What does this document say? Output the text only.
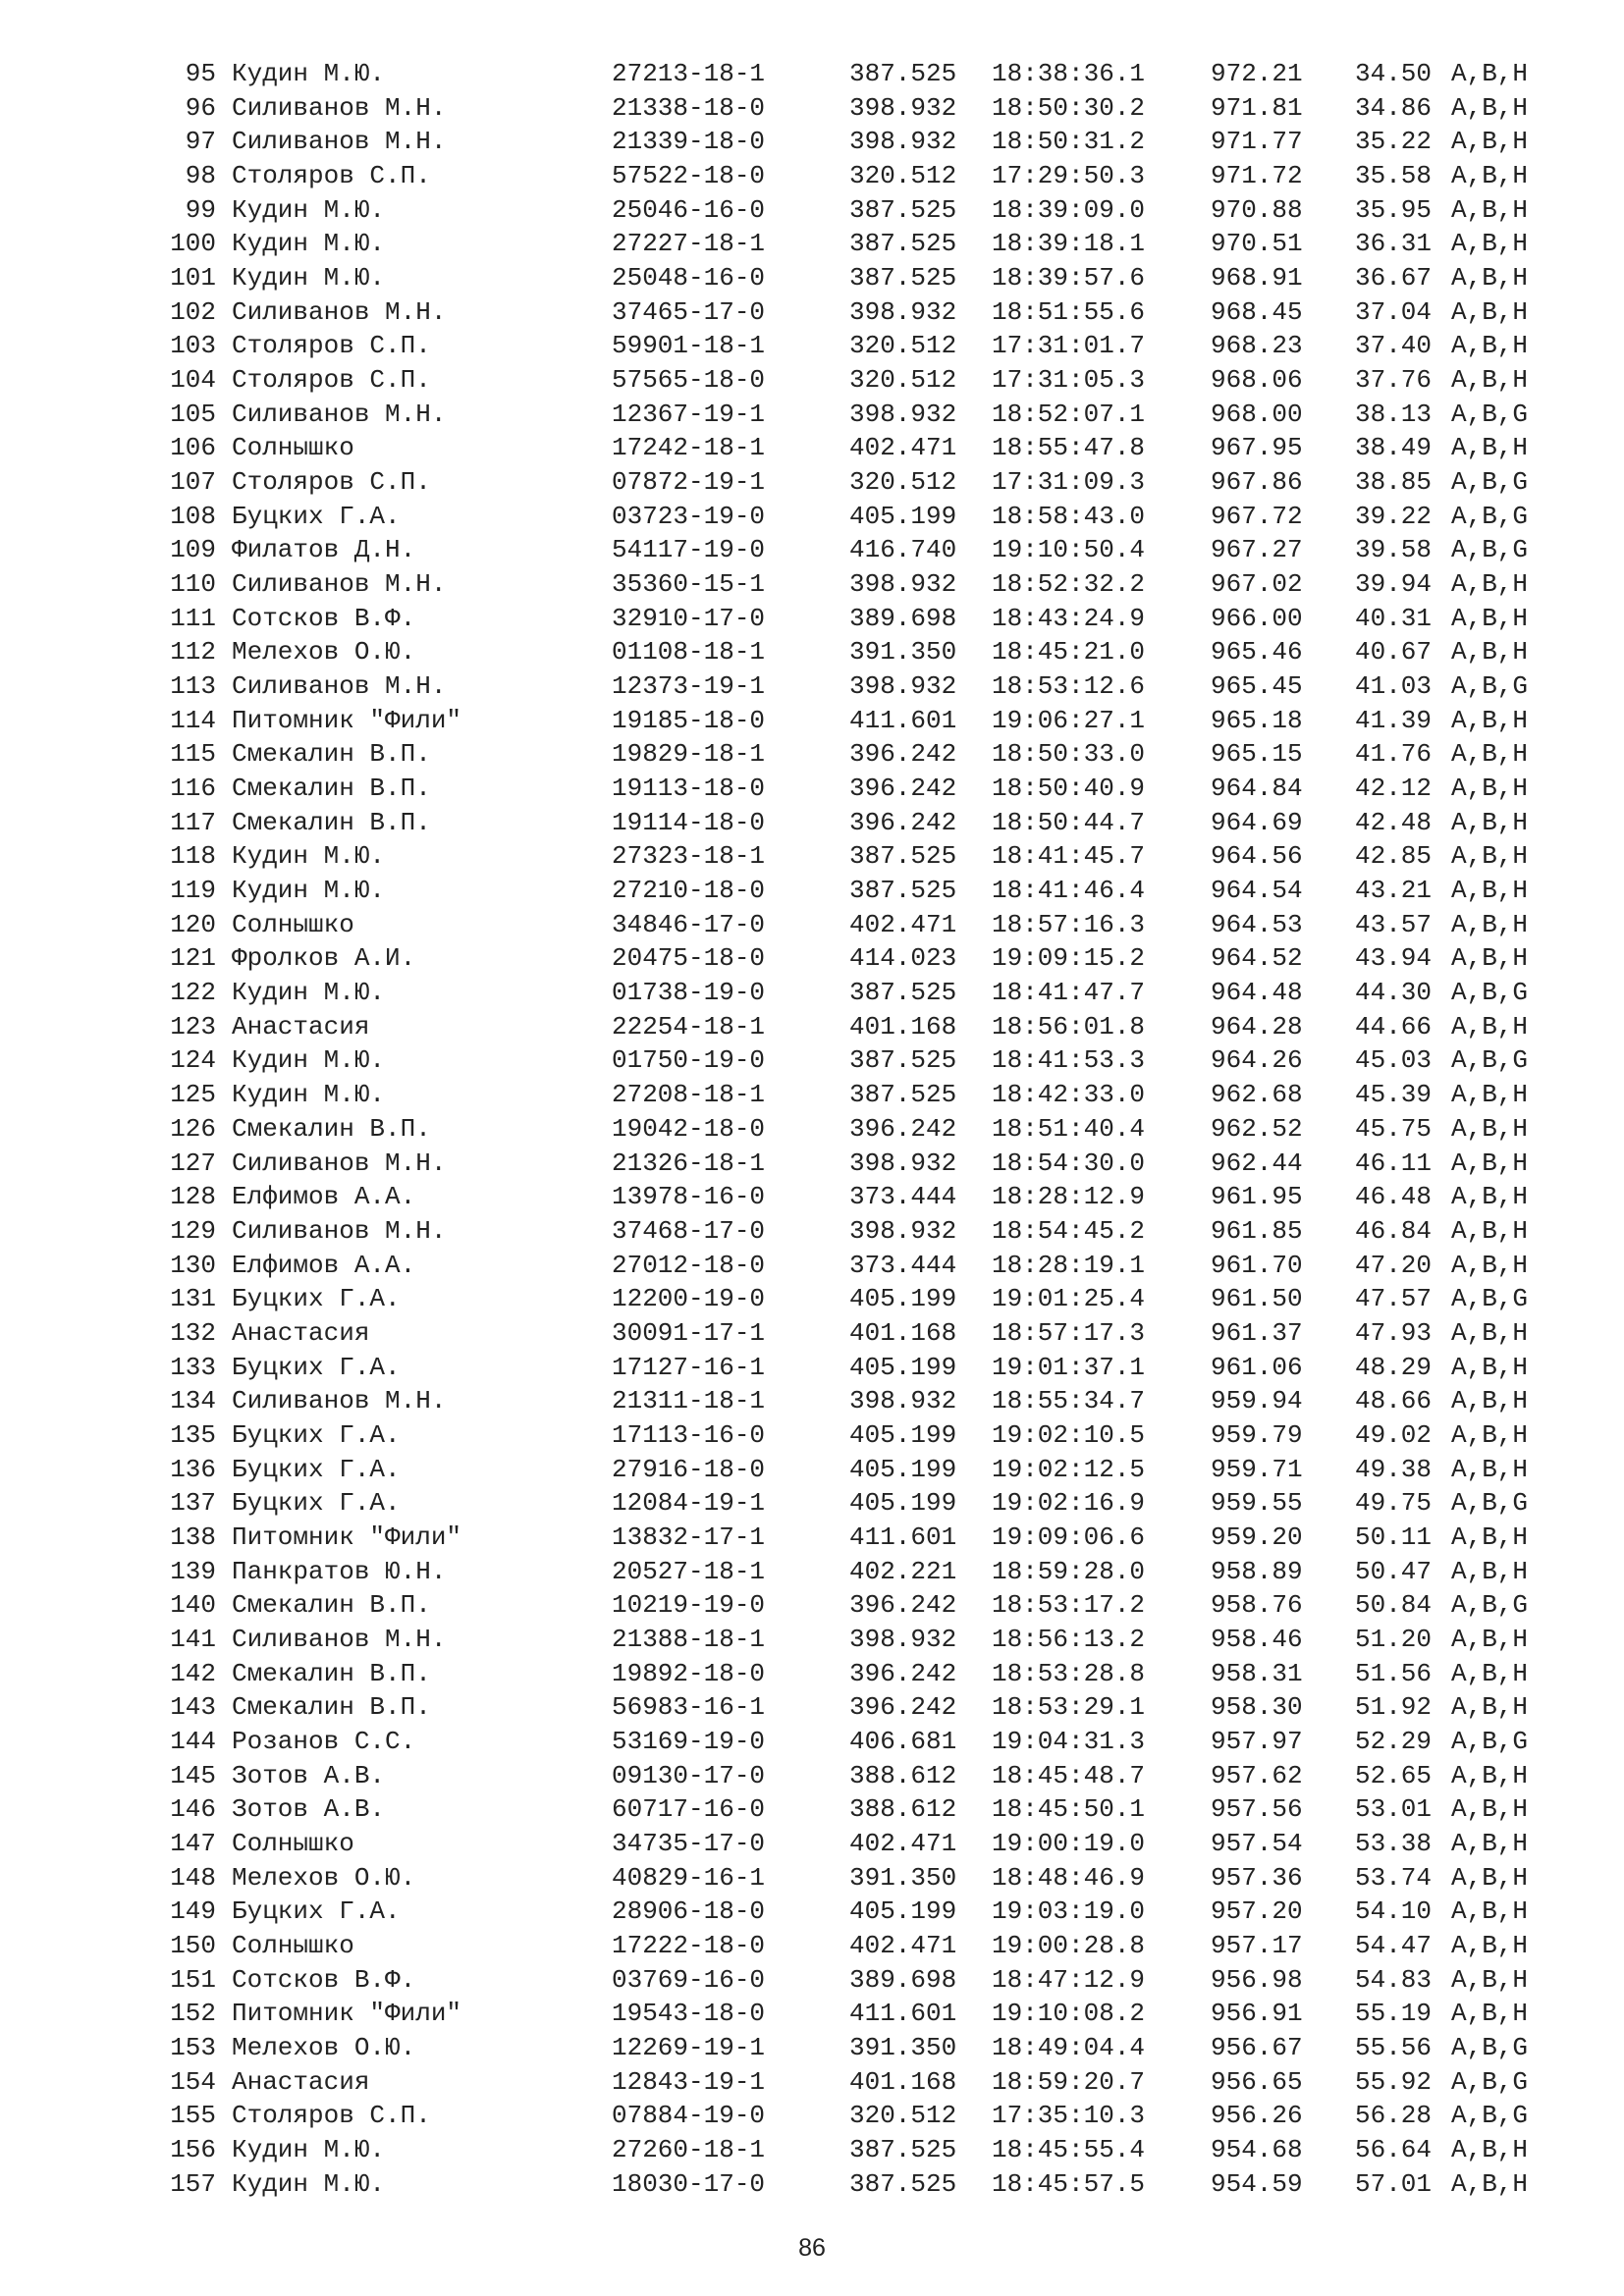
95 Кудин М.Ю.	27213-18-1	387.525 18:38:36.1	972.21 34.50 A,B,H
96 Силиванов М.Н.	21338-18-0	398.932 18:50:30.2	971.81 34.86 A,B,H
97 Силиванов М.Н.	21339-18-0	398.932 18:50:31.2	971.77 35.22 A,B,H
98 Столяров С.П.	57522-18-0	320.512 17:29:50.3	971.72 35.58 A,B,H
99 Кудин М.Ю.	25046-16-0	387.525 18:39:09.0	970.88 35.95 A,B,H
100 Кудин М.Ю.	27227-18-1	387.525 18:39:18.1	970.51 36.31 A,B,H
101 Кудин М.Ю.	25048-16-0	387.525 18:39:57.6	968.91 36.67 A,B,H
102 Силиванов М.Н.	37465-17-0	398.932 18:51:55.6	968.45 37.04 A,B,H
103 Столяров С.П.	59901-18-1	320.512 17:31:01.7	968.23 37.40 A,B,H
104 Столяров С.П.	57565-18-0	320.512 17:31:05.3	968.06 37.76 A,B,H
105 Силиванов М.Н.	12367-19-1	398.932 18:52:07.1	968.00 38.13 A,B,G
106 Солнышко	17242-18-1	402.471 18:55:47.8	967.95 38.49 A,B,H
107 Столяров С.П.	07872-19-1	320.512 17:31:09.3	967.86 38.85 A,B,G
108 Буцких Г.А.	03723-19-0	405.199 18:58:43.0	967.72 39.22 A,B,G
109 Филатов Д.Н.	54117-19-0	416.740 19:10:50.4	967.27 39.58 A,B,G
110 Силиванов М.Н.	35360-15-1	398.932 18:52:32.2	967.02 39.94 A,B,H
111 Сотсков В.Ф.	32910-17-0	389.698 18:43:24.9	966.00 40.31 A,B,H
112 Мелехов О.Ю.	01108-18-1	391.350 18:45:21.0	965.46 40.67 A,B,H
113 Силиванов М.Н.	12373-19-1	398.932 18:53:12.6	965.45 41.03 A,B,G
114 Питомник "Фили"	19185-18-0	411.601 19:06:27.1	965.18 41.39 A,B,H
115 Смекалин В.П.	19829-18-1	396.242 18:50:33.0	965.15 41.76 A,B,H
116 Смекалин В.П.	19113-18-0	396.242 18:50:40.9	964.84 42.12 A,B,H
117 Смекалин В.П.	19114-18-0	396.242 18:50:44.7	964.69 42.48 A,B,H
118 Кудин М.Ю.	27323-18-1	387.525 18:41:45.7	964.56 42.85 A,B,H
119 Кудин М.Ю.	27210-18-0	387.525 18:41:46.4	964.54 43.21 A,B,H
120 Солнышко	34846-17-0	402.471 18:57:16.3	964.53 43.57 A,B,H
121 Фролков А.И.	20475-18-0	414.023 19:09:15.2	964.52 43.94 A,B,H
122 Кудин М.Ю.	01738-19-0	387.525 18:41:47.7	964.48 44.30 A,B,G
123 Анастасия	22254-18-1	401.168 18:56:01.8	964.28 44.66 A,B,H
124 Кудин М.Ю.	01750-19-0	387.525 18:41:53.3	964.26 45.03 A,B,G
125 Кудин М.Ю.	27208-18-1	387.525 18:42:33.0	962.68 45.39 A,B,H
126 Смекалин В.П.	19042-18-0	396.242 18:51:40.4	962.52 45.75 A,B,H
127 Силиванов М.Н.	21326-18-1	398.932 18:54:30.0	962.44 46.11 A,B,H
128 Елфимов А.А.	13978-16-0	373.444 18:28:12.9	961.95 46.48 A,B,H
129 Силиванов М.Н.	37468-17-0	398.932 18:54:45.2	961.85 46.84 A,B,H
130 Елфимов А.А.	27012-18-0	373.444 18:28:19.1	961.70 47.20 A,B,H
131 Буцких Г.А.	12200-19-0	405.199 19:01:25.4	961.50 47.57 A,B,G
132 Анастасия	30091-17-1	401.168 18:57:17.3	961.37 47.93 A,B,H
133 Буцких Г.А.	17127-16-1	405.199 19:01:37.1	961.06 48.29 A,B,H
134 Силиванов М.Н.	21311-18-1	398.932 18:55:34.7	959.94 48.66 A,B,H
135 Буцких Г.А.	17113-16-0	405.199 19:02:10.5	959.79 49.02 A,B,H
136 Буцких Г.А.	27916-18-0	405.199 19:02:12.5	959.71 49.38 A,B,H
137 Буцких Г.А.	12084-19-1	405.199 19:02:16.9	959.55 49.75 A,B,G
138 Питомник "Фили"	13832-17-1	411.601 19:09:06.6	959.20 50.11 A,B,H
139 Панкратов Ю.Н.	20527-18-1	402.221 18:59:28.0	958.89 50.47 A,B,H
140 Смекалин В.П.	10219-19-0	396.242 18:53:17.2	958.76 50.84 A,B,G
141 Силиванов М.Н.	21388-18-1	398.932 18:56:13.2	958.46 51.20 A,B,H
142 Смекалин В.П.	19892-18-0	396.242 18:53:28.8	958.31 51.56 A,B,H
143 Смекалин В.П.	56983-16-1	396.242 18:53:29.1	958.30 51.92 A,B,H
144 Розанов С.С.	53169-19-0	406.681 19:04:31.3	957.97 52.29 A,B,G
145 Зотов А.В.	09130-17-0	388.612 18:45:48.7	957.62 52.65 A,B,H
146 Зотов А.В.	60717-16-0	388.612 18:45:50.1	957.56 53.01 A,B,H
147 Солнышко	34735-17-0	402.471 19:00:19.0	957.54 53.38 A,B,H
148 Мелехов О.Ю.	40829-16-1	391.350 18:48:46.9	957.36 53.74 A,B,H
149 Буцких Г.А.	28906-18-0	405.199 19:03:19.0	957.20 54.10 A,B,H
150 Солнышко	17222-18-0	402.471 19:00:28.8	957.17 54.47 A,B,H
151 Сотсков В.Ф.	03769-16-0	389.698 18:47:12.9	956.98 54.83 A,B,H
152 Питомник "Фили"	19543-18-0	411.601 19:10:08.2	956.91 55.19 A,B,H
153 Мелехов О.Ю.	12269-19-1	391.350 18:49:04.4	956.67 55.56 A,B,G
154 Анастасия	12843-19-1	401.168 18:59:20.7	956.65 55.92 A,B,G
155 Столяров С.П.	07884-19-0	320.512 17:35:10.3	956.26 56.28 A,B,G
156 Кудин М.Ю.	27260-18-1	387.525 18:45:55.4	954.68 56.64 A,B,H
157 Кудин М.Ю.	18030-17-0	387.525 18:45:57.5	954.59 57.01 A,B,H
86
